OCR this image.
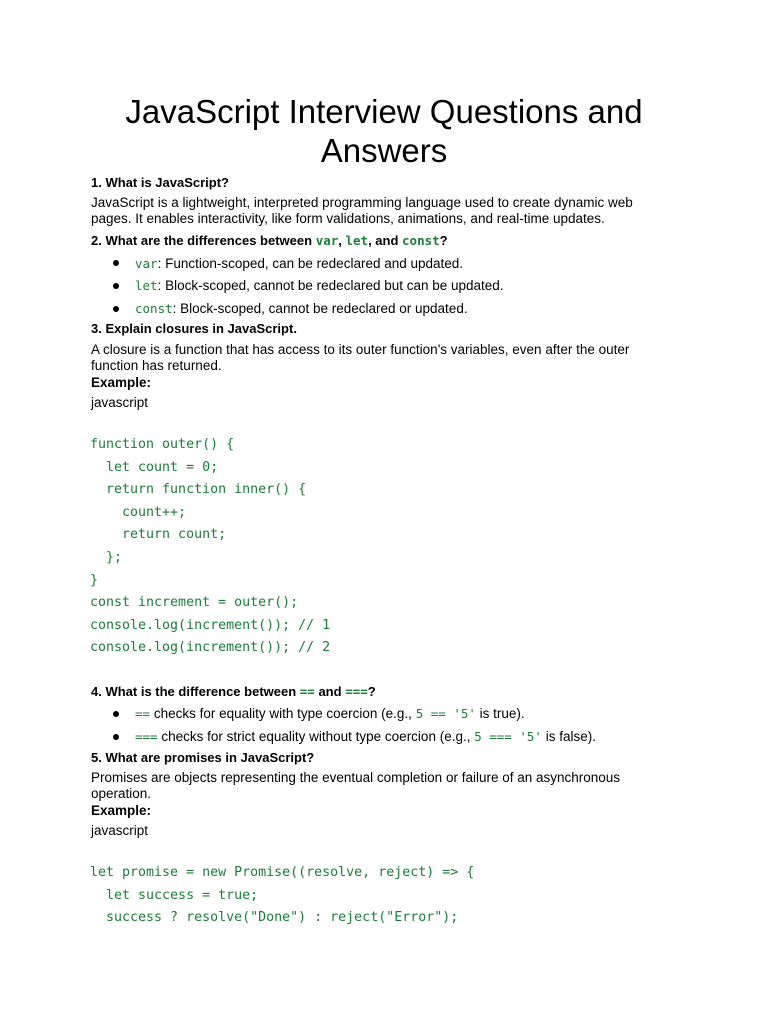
JavaScript Interview Questions and
Answers
1. What is JavaScript?
JavaScript is a lightweight, interpreted programming language used to create dynamic web
pages. It enables interactivity, like form validations, animations, and real-time updates.
2. What are the differences between var, let, and const?
var: Function-scoped, can be redeclared and updated.
let: Block-scoped, cannot be redeclared but can be updated.
const: Block-scoped, cannot be redeclared or updated.
3. Explain closures in JavaScript.
A closure is a function that has access to its outer function's variables, even after the outer
function has returned.
Example:
javascript
function outer() {
let count = 0;
return function inner() {
count++;
return count;
};
}
const increment = outer();
console.log(increment()); // 1
console.log(increment()); // 2
4. What is the difference between == and ===?
== checks for equality with type coercion (e.g., 5 == '5' is true).
=== checks for strict equality without type coercion (e.g., 5 === '5' is false).
5. What are promises in JavaScript?
Promises are objects representing the eventual completion or failure of an asynchronous
operation.
Example:
javascript
let promise = new Promise((resolve, reject) => {
let success = true;
success ? resolve("Done") : reject("Error");
